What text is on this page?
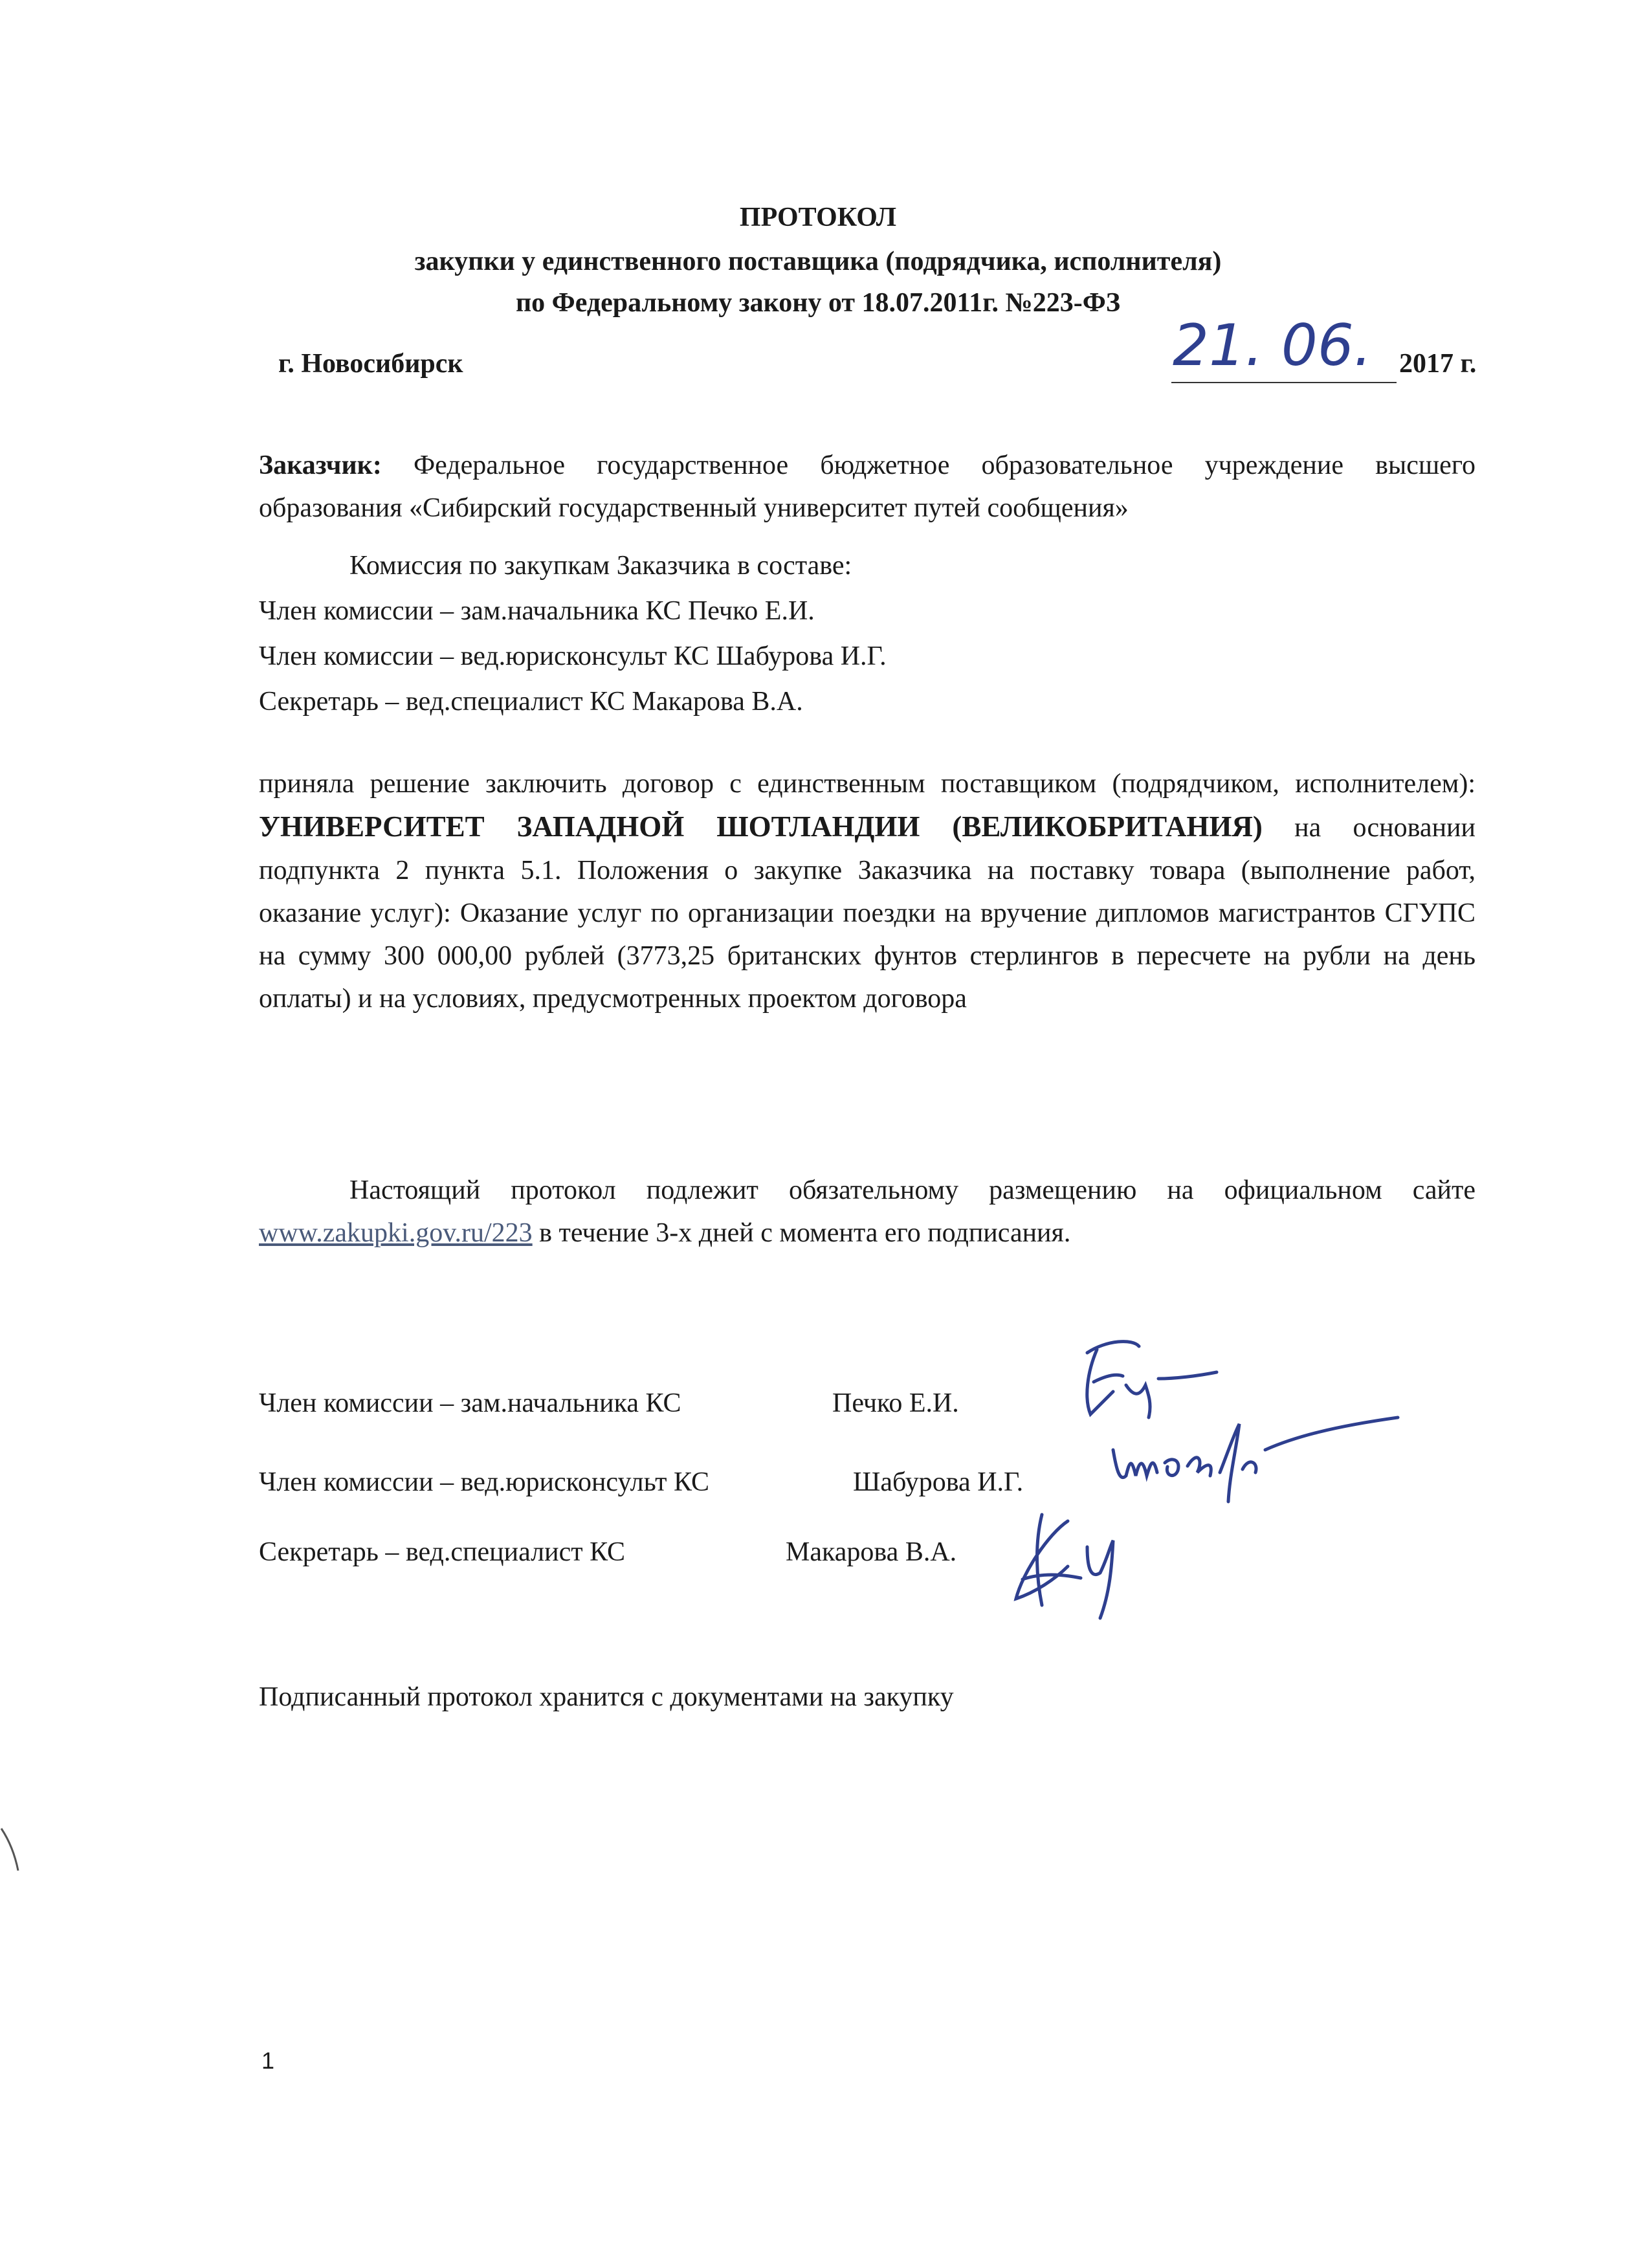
ПРОТОКОЛ
закупки у единственного поставщика (подрядчика, исполнителя)
по Федеральному закону от 18.07.2011г. №223-ФЗ
г. Новосибирск	21. 06. 2017 г.
Заказчик: Федеральное государственное бюджетное образовательное учреждение высшего образования «Сибирский государственный университет путей сообщения»
Комиссия по закупкам Заказчика в составе:
Член комиссии – зам.начальника КС Печко Е.И.
Член комиссии – вед.юрисконсульт КС Шабурова И.Г.
Секретарь – вед.специалист КС Макарова В.А.
приняла решение заключить договор с единственным поставщиком (подрядчиком, исполнителем): УНИВЕРСИТЕТ ЗАПАДНОЙ ШОТЛАНДИИ (ВЕЛИКОБРИТАНИЯ) на основании подпункта 2 пункта 5.1. Положения о закупке Заказчика на поставку товара (выполнение работ, оказание услуг): Оказание услуг по организации поездки на вручение дипломов магистрантов СГУПС на сумму 300 000,00 рублей (3773,25 британских фунтов стерлингов в пересчете на рубли на день оплаты) и на условиях, предусмотренных проектом договора
Настоящий протокол подлежит обязательному размещению на официальном сайте www.zakupki.gov.ru/223 в течение 3-х дней с момента его подписания.
Член комиссии – зам.начальника КС	Печко Е.И.
Член комиссии – вед.юрисконсульт КС	Шабурова И.Г.
Секретарь – вед.специалист КС	Макарова В.А.
Подписанный протокол хранится с документами на закупку
1
